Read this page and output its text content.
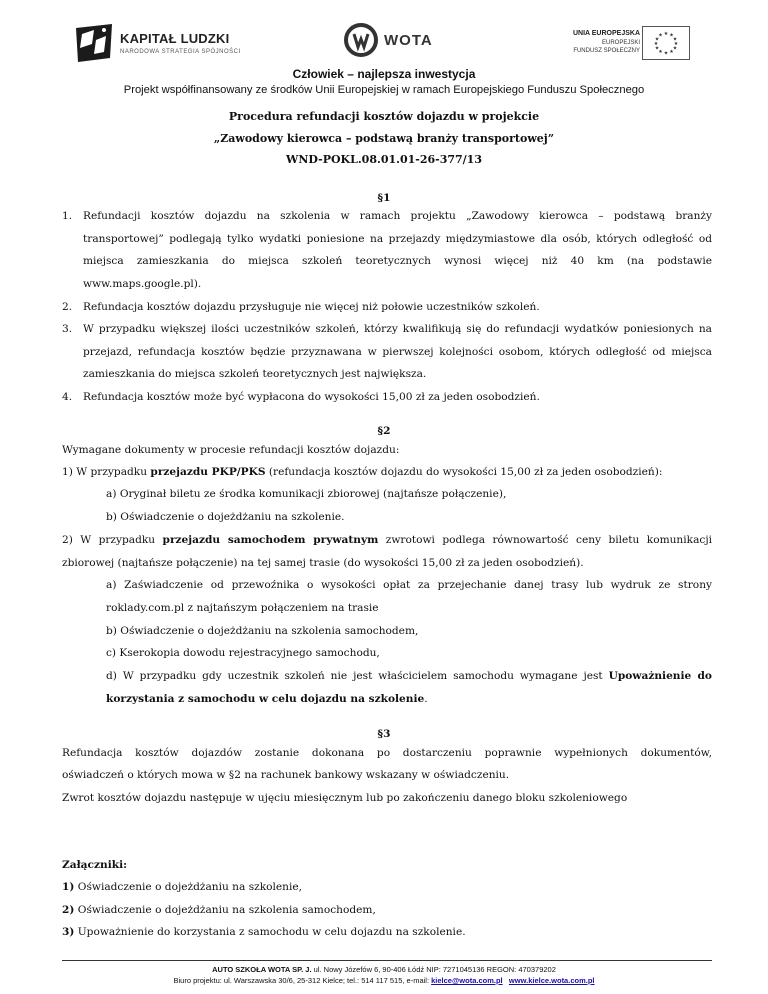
KAPITAŁ LUDZKI
NARODOWA STRATEGIA SPÓJNOŚCI
WOTA	UNIA EUROPEJSKA
EUROPEJSKI
FUNDUSZ SPOŁECZNY
★ ★
★
★
★
★
★
★
★
★
★
★
Człowiek – najlepsza inwestycja
Projekt współfinansowany ze środków Unii Europejskiej w ramach Europejskiego Funduszu Społecznego
Procedura refundacji kosztów dojazdu w projekcie
„Zawodowy kierowca – podstawą branży transportowej”
WND-POKL.08.01.01-26-377/13
§1
1. Refundacji kosztów dojazdu na szkolenia w ramach projektu „Zawodowy kierowca – podstawą branży
transportowej” podlegają tylko wydatki poniesione na przejazdy międzymiastowe dla osób, których odległość od
miejsca zamieszkania do miejsca szkoleń teoretycznych wynosi więcej niż 40 km (na podstawie
www.maps.google.pl).
2. Refundacja kosztów dojazdu przysługuje nie więcej niż połowie uczestników szkoleń.
3. W przypadku większej ilości uczestników szkoleń, którzy kwalifikują się do refundacji wydatków poniesionych na
przejazd, refundacja kosztów będzie przyznawana w pierwszej kolejności osobom, których odległość od miejsca
zamieszkania do miejsca szkoleń teoretycznych jest największa.
4. Refundacja kosztów może być wypłacona do wysokości 15,00 zł za jeden osobodzień.
§2
Wymagane dokumenty w procesie refundacji kosztów dojazdu:
1) W przypadku przejazdu PKP/PKS (refundacja kosztów dojazdu do wysokości 15,00 zł za jeden osobodzień):
a) Oryginał biletu ze środka komunikacji zbiorowej (najtańsze połączenie),
b) Oświadczenie o dojeżdżaniu na szkolenie.
2) W przypadku przejazdu samochodem prywatnym zwrotowi podlega równowartość ceny biletu komunikacji
zbiorowej (najtańsze połączenie) na tej samej trasie (do wysokości 15,00 zł za jeden osobodzień).
a) Zaświadczenie od przewoźnika o wysokości opłat za przejechanie danej trasy lub wydruk ze strony
roklady.com.pl z najtańszym połączeniem na trasie
b) Oświadczenie o dojeżdżaniu na szkolenia samochodem,
c) Kserokopia dowodu rejestracyjnego samochodu,
d) W przypadku gdy uczestnik szkoleń nie jest właścicielem samochodu wymagane jest Upoważnienie do
korzystania z samochodu w celu dojazdu na szkolenie.
§3
Refundacja kosztów dojazdów zostanie dokonana po dostarczeniu poprawnie wypełnionych dokumentów,
oświadczeń o których mowa w §2 na rachunek bankowy wskazany w oświadczeniu.
Zwrot kosztów dojazdu następuje w ujęciu miesięcznym lub po zakończeniu danego bloku szkoleniowego
Załączniki:
1) Oświadczenie o dojeżdżaniu na szkolenie,
2) Oświadczenie o dojeżdżaniu na szkolenia samochodem,
3) Upoważnienie do korzystania z samochodu w celu dojazdu na szkolenie.
AUTO SZKOŁA WOTA SP. J. ul. Nowy Józefów 6, 90-406 Łódź NIP: 7271045136 REGON: 470379202
Biuro projektu: ul. Warszawska 30/6, 25-312 Kielce; tel.: 514 117 515, e-mail: kielce@wota.com.pl www.kielce.wota.com.pl
